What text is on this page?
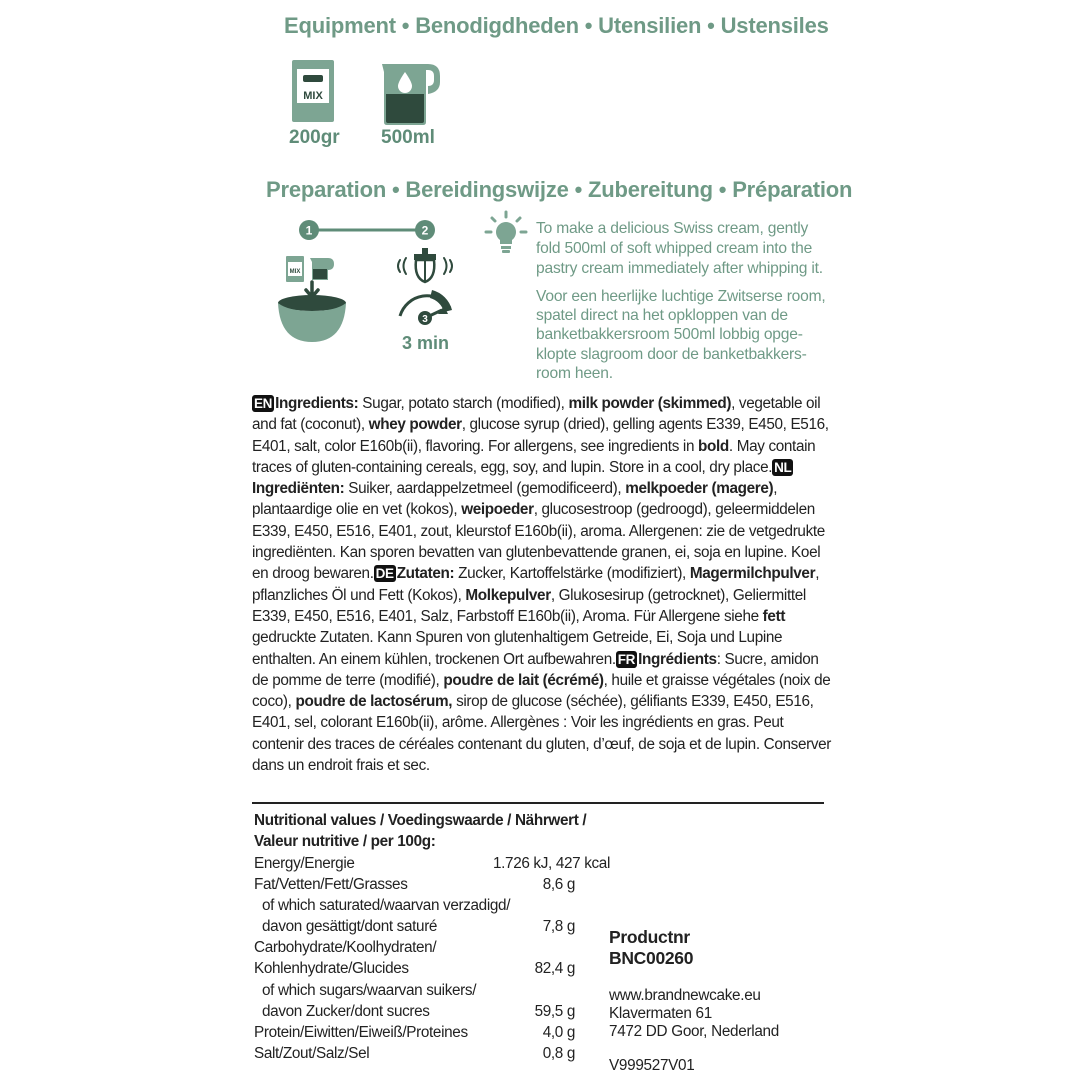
Equipment • Benodigdheden • Utensilien • Ustensiles
MIX
200gr 500ml
Preparation • Bereidingswijze • Zubereitung • Préparation
1	2
MIX
3
3 min
To make a delicious Swiss cream, gently
fold 500ml of soft whipped cream into the
pastry cream immediately after whipping it.
Voor een heerlijke luchtige Zwitserse room,
spatel direct na het opkloppen van de
banketbakkersroom 500ml lobbig opge-
klopte slagroom door de banketbakkers-
room heen.
EN Ingredients: Sugar, potato starch (modified), milk powder (skimmed), vegetable oil and fat (coconut), whey powder, glucose syrup (dried), gelling agents E339, E450, E516, E401, salt, color E160b(ii), flavoring. For allergens, see ingredients in bold. May contain traces of gluten-containing cereals, egg, soy, and lupin. Store in a cool, dry place. NLIngrediënten: Suiker, aardappelzetmeel (gemodificeerd), melkpoeder (magere), plantaardige olie en vet (kokos), weipoeder, glucosestroop (gedroogd), geleermiddelen E339, E450, E516, E401, zout, kleurstof E160b(ii), aroma. Allergenen: zie de vetgedrukte ingrediënten. Kan sporen bevatten van glutenbevattende granen, ei, soja en lupine. Koel en droog bewaren. DE Zutaten: Zucker, Kartoffelstärke (modifiziert), Magermilchpulver, pflanzliches Öl und Fett (Kokos), Molkepulver, Glukosesirup (getrocknet), Geliermittel E339, E450, E516, E401, Salz, Farbstoff E160b(ii), Aroma. Für Allergene siehe fett gedruckte Zutaten. Kann Spuren von glutenhaltigem Getreide, Ei, Soja und Lupine enthalten. An einem kühlen, trockenen Ort aufbewahren. FR Ingrédients: Sucre, amidon de pomme de terre (modifié), poudre de lait (écrémé), huile et graisse végétales (noix de coco), poudre de lactosérum, sirop de glucose (séchée), gélifiants E339, E450, E516, E401, sel, colorant E160b(ii), arôme. Allergènes : Voir les ingrédients en gras. Peut contenir des traces de céréales contenant du gluten, d’œuf, de soja et de lupin. Conserver dans un endroit frais et sec.
Nutritional values / Voedingswaarde / Nährwert /
Valeur nutritive / per 100g:
Energy/Energie	1.726 kJ, 427 kcal
Fat/Vetten/Fett/Grasses	8,6 g
of which saturated/waarvan verzadigd/
davon gesättigt/dont saturé	7,8 g
Carbohydrate/Koolhydraten/
Kohlenhydrate/Glucides	82,4 g
of which sugars/waarvan suikers/
davon Zucker/dont sucres	59,5 g
Protein/Eiwitten/Eiweiß/Proteines	4,0 g
Salt/Zout/Salz/Sel	0,8 g
Productnr
BNC00260
www.brandnewcake.eu
Klavermaten 61
7472 DD Goor, Nederland
V999527V01
